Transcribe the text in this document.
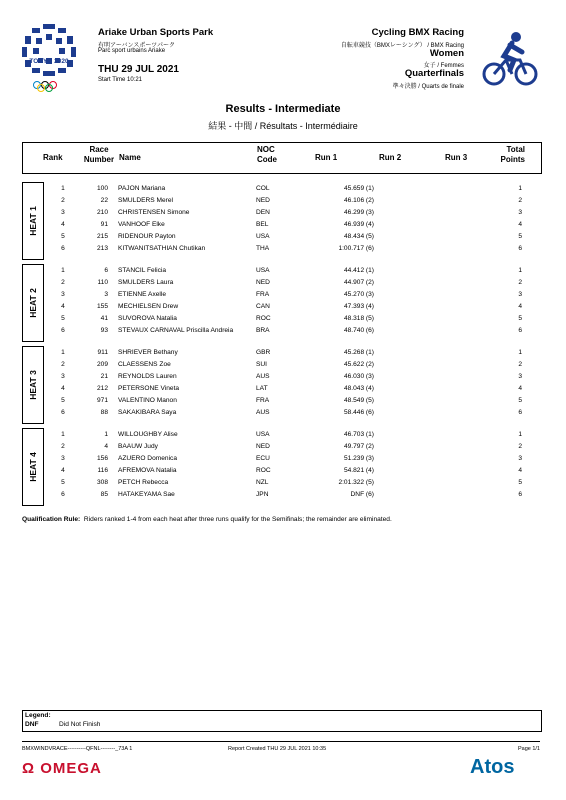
TOKYO 2020
Ariake Urban Sports Park
有明アーバンスポーツパーク
Parc sport urbains Ariake
THU 29 JUL 2021
Start Time 10:21
Cycling BMX Racing
自転車競技（BMXレーシング） / BMX Racing
Women
女子 / Femmes
Quarterfinals
準々決勝 / Quarts de finale
Results - Intermediate
結果 - 中間 / Résultats - Intermédiaire
Rank
Race
Number Name
NOC
Code	Run 1	Run 2	Run 3
Total
Points
HEAT 1
1	100 PAJON Mariana	COL	45.659 (1)	1
2	22 SMULDERS Merel	NED	46.106 (2)	2
3	210 CHRISTENSEN Simone	DEN	46.299 (3)	3
4	91 VANHOOF Elke	BEL	46.939 (4)	4
5	215 RIDENOUR Payton	USA	48.434 (5)	5
6	213 KITWANITSATHIAN Chutikan	THA	1:00.717 (6)	6
HEAT 2
1	6 STANCIL Felicia	USA	44.412 (1)	1
2	110 SMULDERS Laura	NED	44.907 (2)	2
3	3 ETIENNE Axelle	FRA	45.270 (3)	3
4	155 MECHIELSEN Drew	CAN	47.393 (4)	4
5	41 SUVOROVA Natalia	ROC	48.318 (5)	5
6	93 STEVAUX CARNAVAL Priscilla Andreia	BRA	48.740 (6)	6
HEAT 3
1	911 SHRIEVER Bethany	GBR	45.268 (1)	1
2	209 CLAESSENS Zoe	SUI	45.622 (2)	2
3	21 REYNOLDS Lauren	AUS	46.030 (3)	3
4	212 PETERSONE Vineta	LAT	48.043 (4)	4
5	971 VALENTINO Manon	FRA	48.549 (5)	5
6	88 SAKAKIBARA Saya	AUS	58.446 (6)	6
HEAT 4
1	1 WILLOUGHBY Alise	USA	46.703 (1)	1
2	4 BAAUW Judy	NED	49.797 (2)	2
3	156 AZUERO Domenica	ECU	51.239 (3)	3
4	116 AFREMOVA Natalia	ROC	54.821 (4)	4
5	308 PETCH Rebecca	NZL	2:01.322 (5)	5
6	85 HATAKEYAMA Sae	JPN	DNF (6)	6
Qualification Rule: Riders ranked 1-4 from each heat after three runs qualify for the Semifinals; the remainder are eliminated.
Legend:
DNF	Did Not Finish
BMXWINDVRACE----------QFNL--------_73A 1	Report Created THU 29 JUL 2021 10:35	Page 1/1
Ω OMEGA	Atos
